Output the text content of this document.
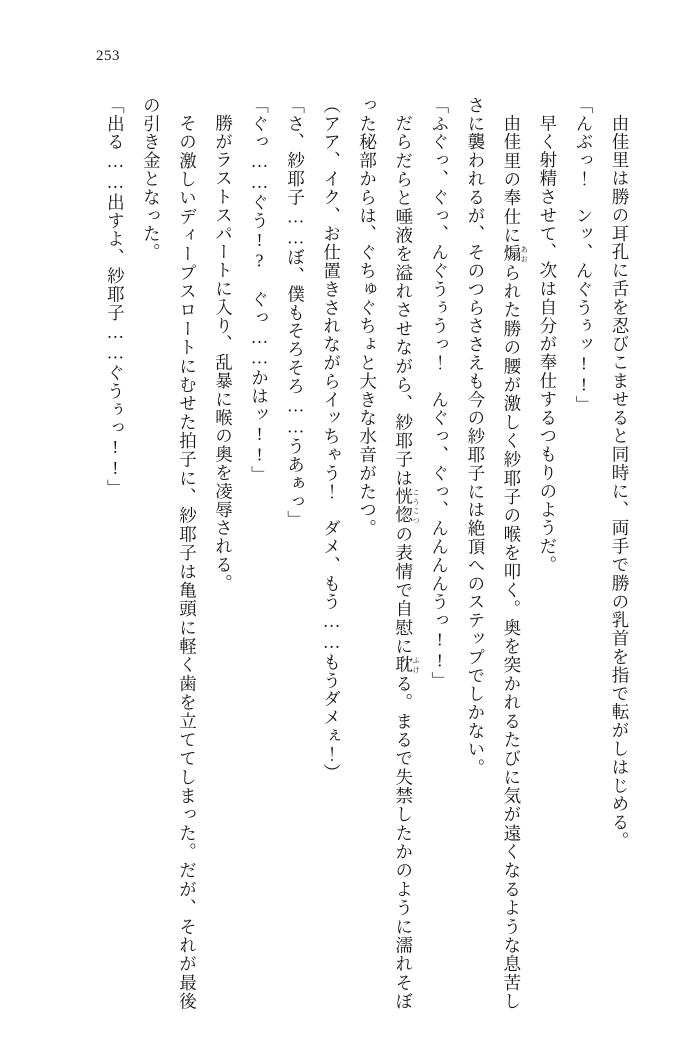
253

由佳里は勝の耳孔に舌を忍びこませると同時に、両手で勝の乳首を指で転がしはじめる。

「んぶっ！　ンッ、んぐうぅッ!!」

早く射精させて、次は自分が奉仕するつもりのようだ。

由佳里の奉仕に煽あおられた勝の腰が激しく紗耶子の喉を叩く。奥を突かれるたびに気が遠くなるような息苦しさに襲われるが、そのつらささえも今の紗耶子には絶頂へのステップでしかない。

「ふぐっ、ぐっ、んぐうぅうっ！　んぐっ、ぐっ、んんんんうっ!!」

だらだらと唾液を溢れさせながら、紗耶子は恍惚こうこつの表情で自慰に耽ふける。まるで失禁したかのように濡れそぼった秘部からは、ぐちゅぐちょと大きな水音がたつ。

（アア、イク、お仕置きされながらイッちゃう！　ダメ、もう……もうダメぇ！）

「さ、紗耶子……ぼ、僕もそろそろ……うあぁっ」

「ぐっ……ぐう!?　ぐっ……かはッ!!」

勝がラストスパートに入り、乱暴に喉の奥を凌辱される。

その激しいディープスロートにむせた拍子に、紗耶子は亀頭に軽く歯を立ててしまった。だが、それが最後の引き金となった。

「出る……出すよ、紗耶子……ぐうぅっ!!」
